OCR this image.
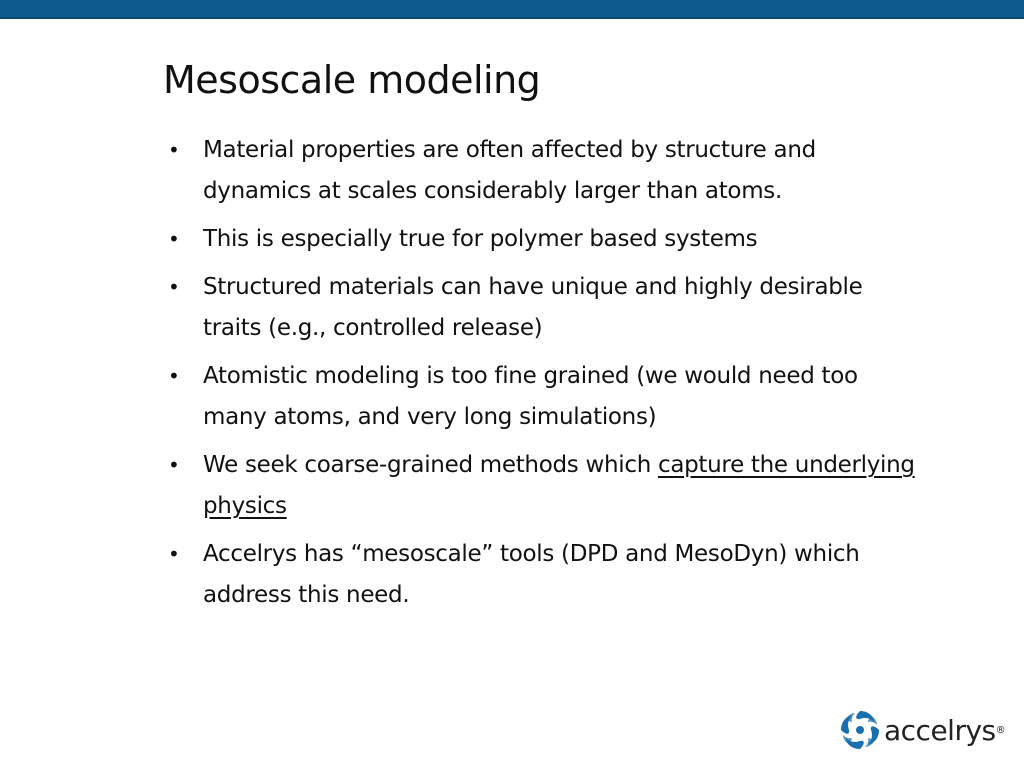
Mesoscale modeling
• Material properties are often affected by structure and dynamics at scales considerably larger than atoms.
• This is especially true for polymer based systems
• Structured materials can have unique and highly desirable traits (e.g., controlled release)
• Atomistic modeling is too fine grained (we would need too many atoms, and very long simulations)
• We seek coarse-grained methods which capture the underlying physics
• Accelrys has “mesoscale” tools (DPD and MesoDyn) which address this need.
accelrys ®
